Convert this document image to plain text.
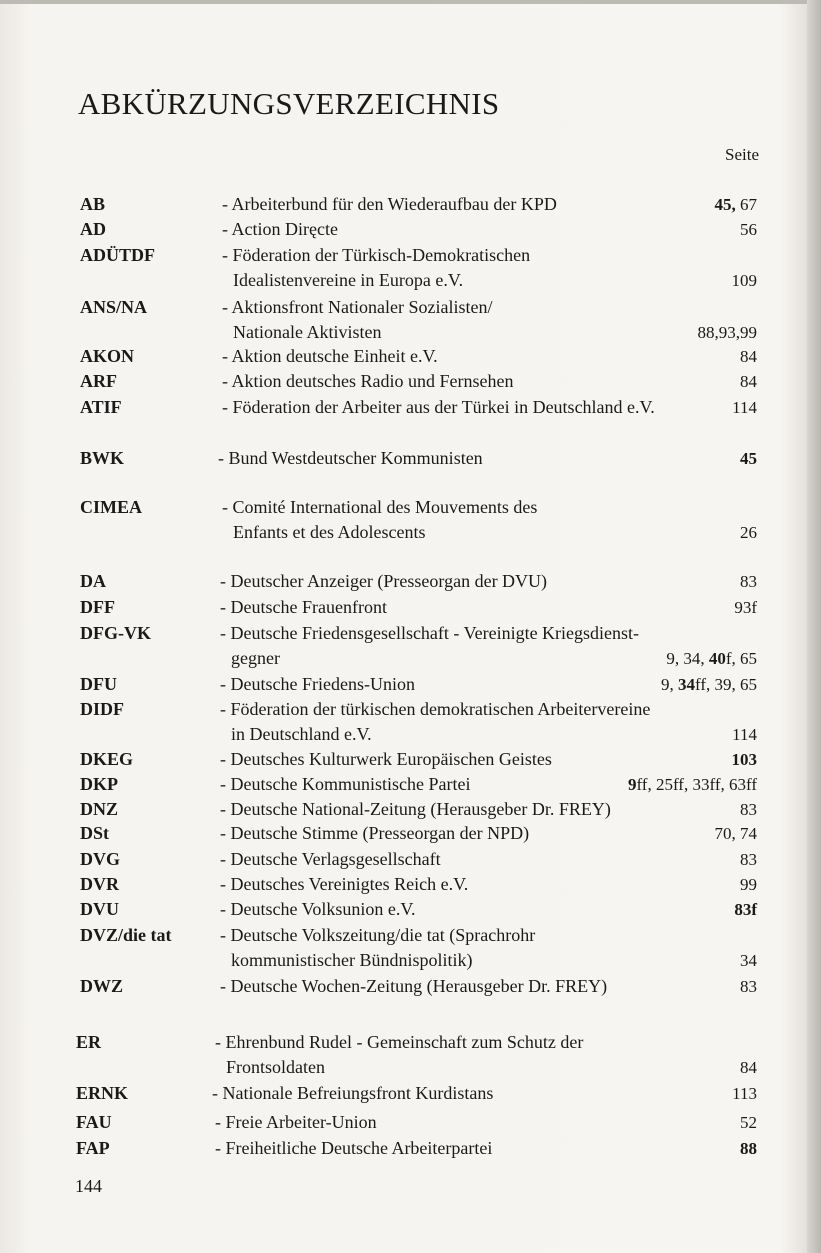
ABKÜRZUNGSVERZEICHNIS
Seite
AB	- Arbeiterbund für den Wiederaufbau der KPD	45, 67
AD	- Action Diręcte	56
ADÜTDF	- Föderation der Türkisch-Demokratischen
Idealistenvereine in Europa e.V.	109
ANS/NA	- Aktionsfront Nationaler Sozialisten/
Nationale Aktivisten	88,93,99
AKON	- Aktion deutsche Einheit e.V.	84
ARF	- Aktion deutsches Radio und Fernsehen	84
ATIF	- Föderation der Arbeiter aus der Türkei in Deutschland e.V.	114
BWK	- Bund Westdeutscher Kommunisten	45
CIMEA	- Comité International des Mouvements des
Enfants et des Adolescents	26
DA	- Deutscher Anzeiger (Presseorgan der DVU)	83
DFF	- Deutsche Frauenfront	93f
DFG-VK	- Deutsche Friedensgesellschaft - Vereinigte Kriegsdienst-
gegner	9, 34, 40f, 65
DFU	- Deutsche Friedens-Union	9, 34ff, 39, 65
DIDF	- Föderation der türkischen demokratischen Arbeitervereine
in Deutschland e.V.	114
DKEG	- Deutsches Kulturwerk Europäischen Geistes	103
DKP	- Deutsche Kommunistische Partei	9ff, 25ff, 33ff, 63ff
DNZ	- Deutsche National-Zeitung (Herausgeber Dr. FREY)	83
DSt	- Deutsche Stimme (Presseorgan der NPD)	70, 74
DVG	- Deutsche Verlagsgesellschaft	83
DVR	- Deutsches Vereinigtes Reich e.V.	99
DVU	- Deutsche Volksunion e.V.	83f
DVZ/die tat	- Deutsche Volkszeitung/die tat (Sprachrohr
kommunistischer Bündnispolitik)	34
DWZ	- Deutsche Wochen-Zeitung (Herausgeber Dr. FREY)	83
ER	- Ehrenbund Rudel - Gemeinschaft zum Schutz der
Frontsoldaten	84
ERNK	- Nationale Befreiungsfront Kurdistans	113
FAU	- Freie Arbeiter-Union	52
FAP	- Freiheitliche Deutsche Arbeiterpartei	88
144
